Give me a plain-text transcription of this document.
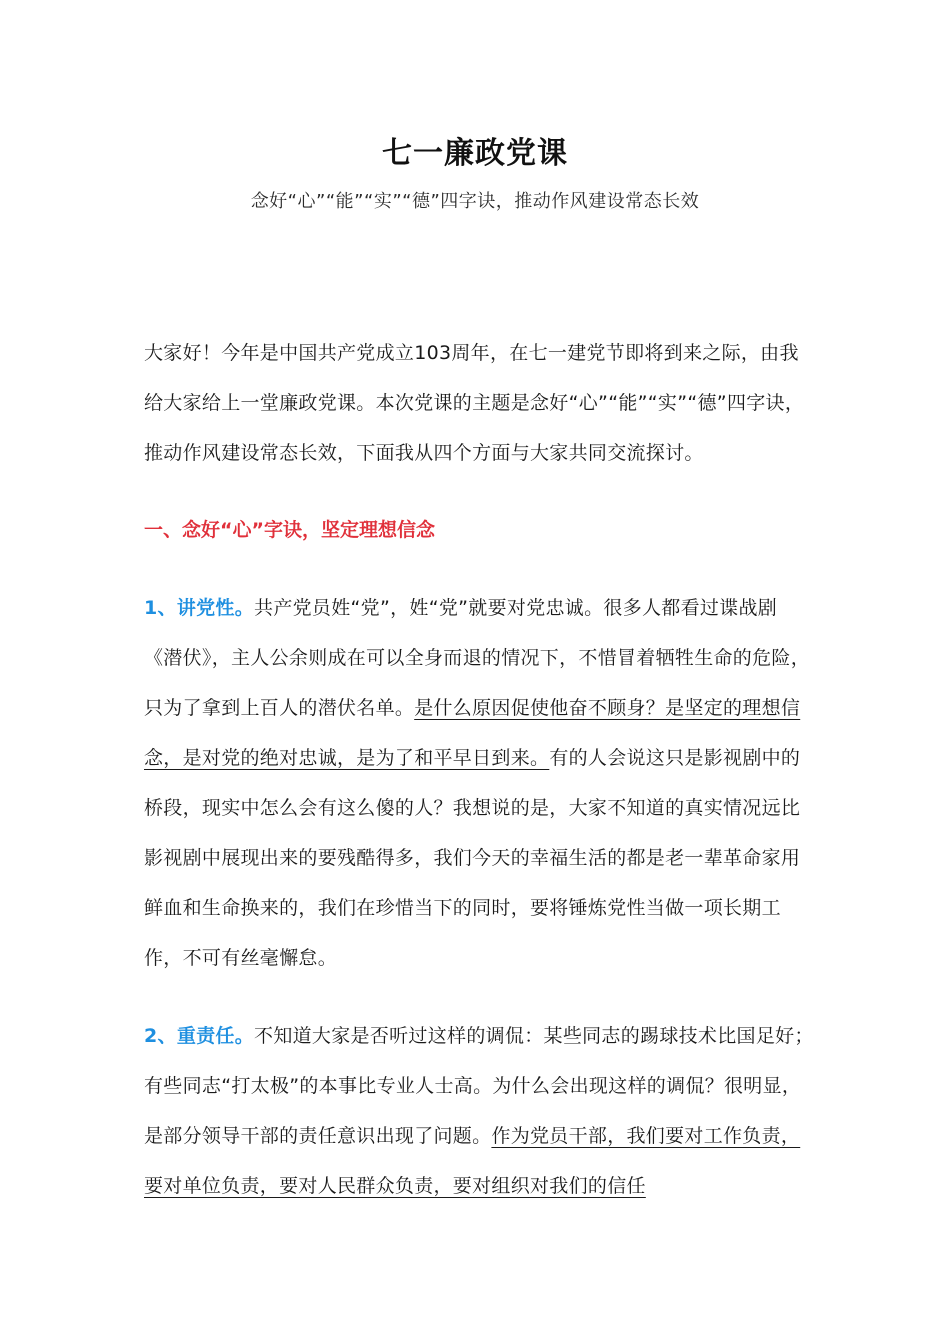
七一廉政党课
念好“心”“能”“实”“德”四字诀，推动作风建设常态长效
大家好！今年是中国共产党成立103周年，在七一建党节即将到来之际，由我给大家给上一堂廉政党课。本次党课的主题是念好“心”“能”“实”“德”四字诀，推动作风建设常态长效，下面我从四个方面与大家共同交流探讨。
一、念好“心”字诀，坚定理想信念
1、讲党性。共产党员姓“党”，姓“党”就要对党忠诚。很多人都看过谍战剧《潜伏》，主人公余则成在可以全身而退的情况下，不惜冒着牺牲生命的危险，只为了拿到上百人的潜伏名单。是什么原因促使他奋不顾身？是坚定的理想信念，是对党的绝对忠诚，是为了和平早日到来。有的人会说这只是影视剧中的桥段，现实中怎么会有这么傻的人？我想说的是，大家不知道的真实情况远比影视剧中展现出来的要残酷得多，我们今天的幸福生活的都是老一辈革命家用鲜血和生命换来的，我们在珍惜当下的同时，要将锤炼党性当做一项长期工作，不可有丝毫懈怠。
2、重责任。不知道大家是否听过这样的调侃：某些同志的踢球技术比国足好；有些同志“打太极”的本事比专业人士高。为什么会出现这样的调侃？很明显，是部分领导干部的责任意识出现了问题。作为党员干部，我们要对工作负责，要对单位负责，要对人民群众负责，要对组织对我们的信任
